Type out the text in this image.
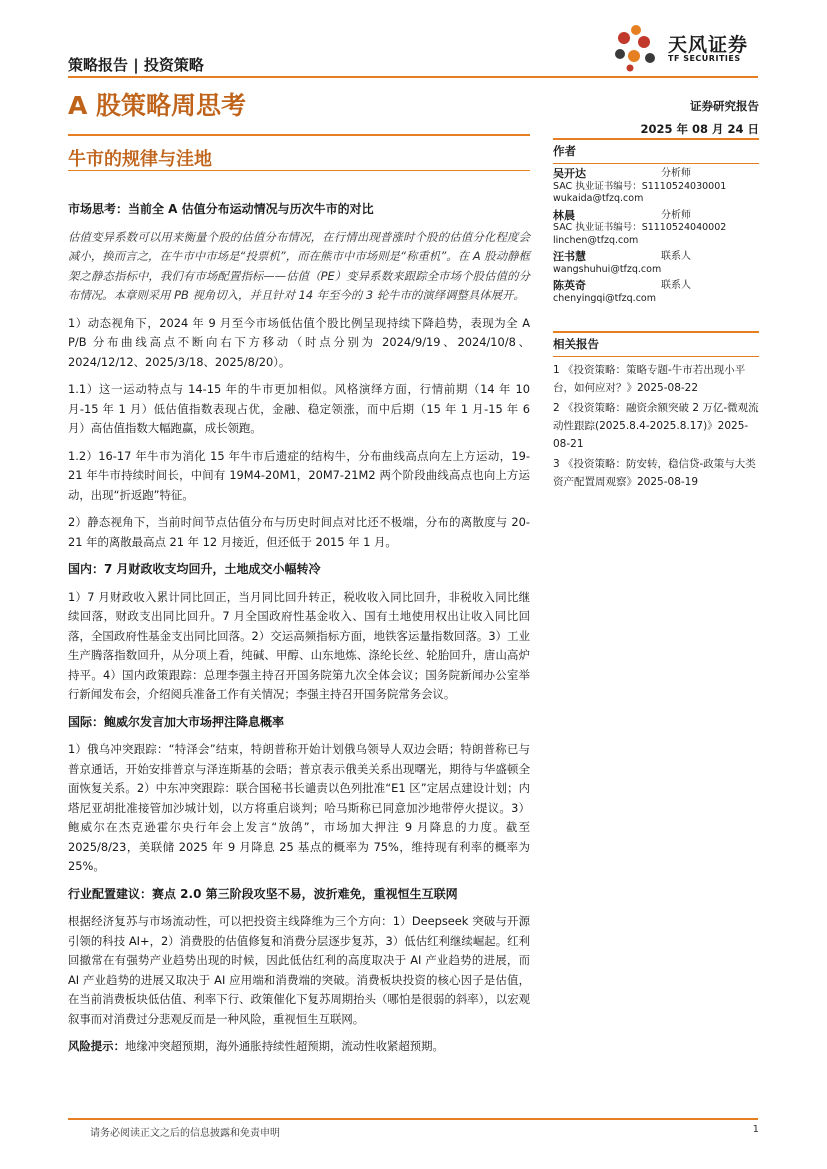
天风证券
TF SECURITIES
策略报告 | 投资策略
A 股策略周思考	证券研究报告
2025 年 08 月 24 日
牛市的规律与洼地
市场思考：当前全 A 估值分布运动情况与历次牛市的对比
估值变异系数可以用来衡量个股的估值分布情况，在行情出现普涨时个股的估值分化程度会减小，换而言之，在牛市中市场是“投票机”，而在熊市中市场则是“称重机”。在 A 股动静框架之静态指标中，我们有市场配置指标——估值（PE）变异系数来跟踪全市场个股估值的分布情况。本章则采用 PB 视角切入，并且针对 14 年至今的 3 轮牛市的演绎调整具体展开。
1）动态视角下，2024 年 9 月至今市场低估值个股比例呈现持续下降趋势，表现为全 A P/B 分布曲线高点不断向右下方移动（时点分别为 2024/9/19、2024/10/8、2024/12/12、2025/3/18、2025/8/20）。
1.1）这一运动特点与 14-15 年的牛市更加相似。风格演绎方面，行情前期（14 年 10 月-15 年 1 月）低估值指数表现占优，金融、稳定领涨，而中后期（15 年 1 月-15 年 6 月）高估值指数大幅跑赢，成长领跑。
1.2）16-17 年牛市为消化 15 年牛市后遗症的结构牛，分布曲线高点向左上方运动，19-21 年牛市持续时间长，中间有 19M4-20M1，20M7-21M2 两个阶段曲线高点也向上方运动，出现“折返跑”特征。
2）静态视角下，当前时间节点估值分布与历史时间点对比还不极端，分布的离散度与 20-21 年的离散最高点 21 年 12 月接近，但还低于 2015 年 1 月。
国内：7 月财政收支均回升，土地成交小幅转冷
1）7 月财政收入累计同比回正，当月同比回升转正，税收收入同比回升，非税收入同比继续回落，财政支出同比回升。7 月全国政府性基金收入、国有土地使用权出让收入同比回落，全国政府性基金支出同比回落。2）交运高频指标方面，地铁客运量指数回落。3）工业生产腾落指数回升，从分项上看，纯碱、甲醇、山东地炼、涤纶长丝、轮胎回升，唐山高炉持平。4）国内政策跟踪：总理李强主持召开国务院第九次全体会议；国务院新闻办公室举行新闻发布会，介绍阅兵准备工作有关情况；李强主持召开国务院常务会议。
国际：鲍威尔发言加大市场押注降息概率
1）俄乌冲突跟踪：“特泽会”结束，特朗普称开始计划俄乌领导人双边会晤；特朗普称已与普京通话，开始安排普京与泽连斯基的会晤；普京表示俄美关系出现曙光，期待与华盛顿全面恢复关系。2）中东冲突跟踪：联合国秘书长谴责以色列批准“E1 区”定居点建设计划；内塔尼亚胡批准接管加沙城计划，以方将重启谈判；哈马斯称已同意加沙地带停火提议。3）鲍威尔在杰克逊霍尔央行年会上发言“放鸽”，市场加大押注 9 月降息的力度。截至 2025/8/23，美联储 2025 年 9 月降息 25 基点的概率为 75%，维持现有利率的概率为 25%。
行业配置建议：赛点 2.0 第三阶段攻坚不易，波折难免，重视恒生互联网
根据经济复苏与市场流动性，可以把投资主线降维为三个方向：1）Deepseek 突破与开源引领的科技 AI+，2）消费股的估值修复和消费分层逐步复苏，3）低估红利继续崛起。红利回撤常在有强势产业趋势出现的时候，因此低估红利的高度取决于 AI 产业趋势的进展，而 AI 产业趋势的进展又取决于 AI 应用端和消费端的突破。消费板块投资的核心因子是估值，在当前消费板块低估值、利率下行、政策催化下复苏周期抬头（哪怕是很弱的斜率），以宏观叙事而对消费过分悲观反而是一种风险，重视恒生互联网。
风险提示：地缘冲突超预期，海外通胀持续性超预期，流动性收紧超预期。
作者
吴开达	分析师
SAC 执业证书编号：S1110524030001
wukaida@tfzq.com
林晨	分析师
SAC 执业证书编号：S1110524040002
linchen@tfzq.com
汪书慧	联系人
wangshuhui@tfzq.com
陈英奇	联系人
chenyingqi@tfzq.com
相关报告
1 《投资策略：策略专题-牛市若出现小平台，如何应对？》2025-08-22
2 《投资策略：融资余额突破 2 万亿-微观流动性跟踪(2025.8.4-2025.8.17)》2025-08-21
3 《投资策略：防安转，稳信贷-政策与大类资产配置周观察》2025-08-19
请务必阅读正文之后的信息披露和免责申明	1
